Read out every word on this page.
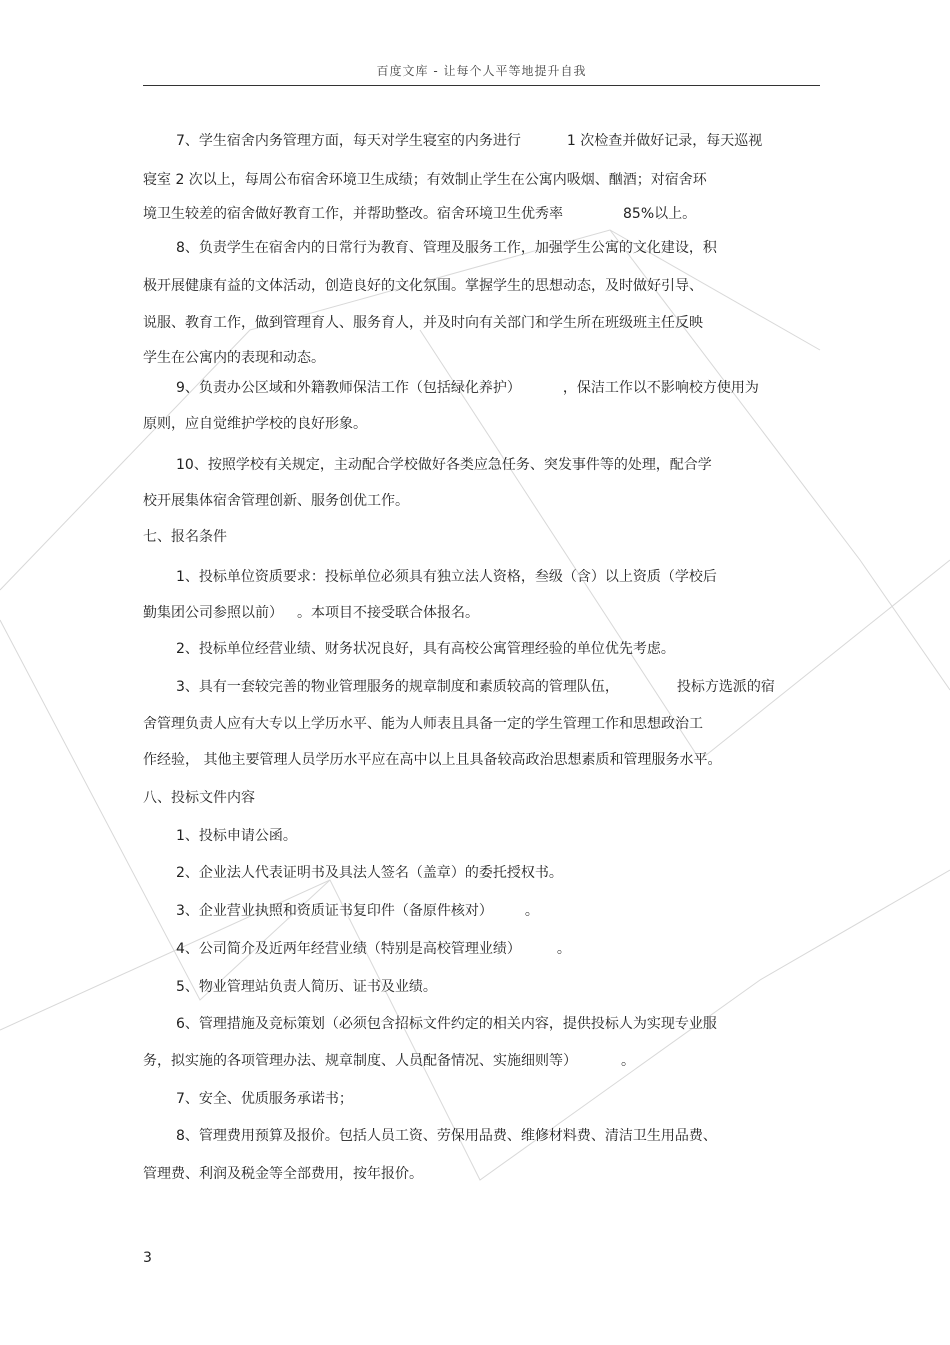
百度文库 - 让每个人平等地提升自我
7、学生宿舍内务管理方面，每天对学生寝室的内务进行	1 次检查并做好记录，每天巡视
寝室 2 次以上，每周公布宿舍环境卫生成绩；有效制止学生在公寓内吸烟、酗酒；对宿舍环
境卫生较差的宿舍做好教育工作，并帮助整改。宿舍环境卫生优秀率	85%以上。
8、负责学生在宿舍内的日常行为教育、管理及服务工作，加强学生公寓的文化建设，积
极开展健康有益的文体活动，创造良好的文化氛围。掌握学生的思想动态，及时做好引导、
说服、教育工作，做到管理育人、服务育人，并及时向有关部门和学生所在班级班主任反映
学生在公寓内的表现和动态。
9、负责办公区域和外籍教师保洁工作（包括绿化养护）	，保洁工作以不影响校方使用为
原则，应自觉维护学校的良好形象。
10、按照学校有关规定，主动配合学校做好各类应急任务、突发事件等的处理，配合学
校开展集体宿舍管理创新、服务创优工作。
七、报名条件
1、投标单位资质要求：投标单位必须具有独立法人资格，叁级（含）以上资质（学校后
勤集团公司参照以前） 。本项目不接受联合体报名。
2、投标单位经营业绩、财务状况良好，具有高校公寓管理经验的单位优先考虑。
3、具有一套较完善的物业管理服务的规章制度和素质较高的管理队伍，	投标方选派的宿
舍管理负责人应有大专以上学历水平、能为人师表且具备一定的学生管理工作和思想政治工
作经验， 其他主要管理人员学历水平应在高中以上且具备较高政治思想素质和管理服务水平。
八、投标文件内容
1、投标申请公函。
2、企业法人代表证明书及具法人签名（盖章）的委托授权书。
3、企业营业执照和资质证书复印件（备原件核对） 。
4、公司简介及近两年经营业绩（特别是高校管理业绩）	。
5、物业管理站负责人简历、证书及业绩。
6、管理措施及竞标策划（必须包含招标文件约定的相关内容，提供投标人为实现专业服
务，拟实施的各项管理办法、规章制度、人员配备情况、实施细则等）	。
7、安全、优质服务承诺书；
8、管理费用预算及报价。包括人员工资、劳保用品费、维修材料费、清洁卫生用品费、
管理费、利润及税金等全部费用，按年报价。
3
